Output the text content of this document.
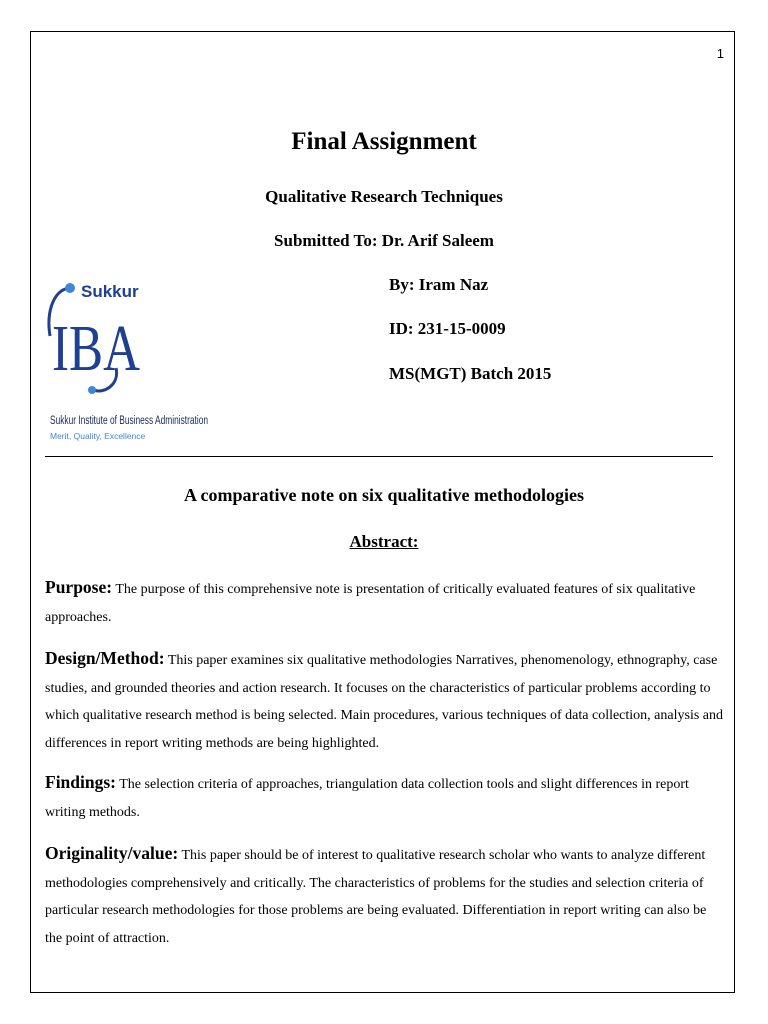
1
Final Assignment
Qualitative Research Techniques
Submitted To: Dr. Arif Saleem
By: Iram Naz
ID: 231-15-0009
MS(MGT) Batch 2015
Sukkur
IBA
Sukkur Institute of Business Administration
Merit, Quality, Excellence
A comparative note on six qualitative methodologies
Abstract:
Purpose: The purpose of this comprehensive note is presentation of critically evaluated features of six qualitative approaches.
Design/Method: This paper examines six qualitative methodologies Narratives, phenomenology, ethnography, case studies, and grounded theories and action research. It focuses on the characteristics of particular problems according to which qualitative research method is being selected. Main procedures, various techniques of data collection, analysis and differences in report writing methods are being highlighted.
Findings: The selection criteria of approaches, triangulation data collection tools and slight differences in report writing methods.
Originality/value: This paper should be of interest to qualitative research scholar who wants to analyze different methodologies comprehensively and critically. The characteristics of problems for the studies and selection criteria of particular research methodologies for those problems are being evaluated. Differentiation in report writing can also be the point of attraction.
